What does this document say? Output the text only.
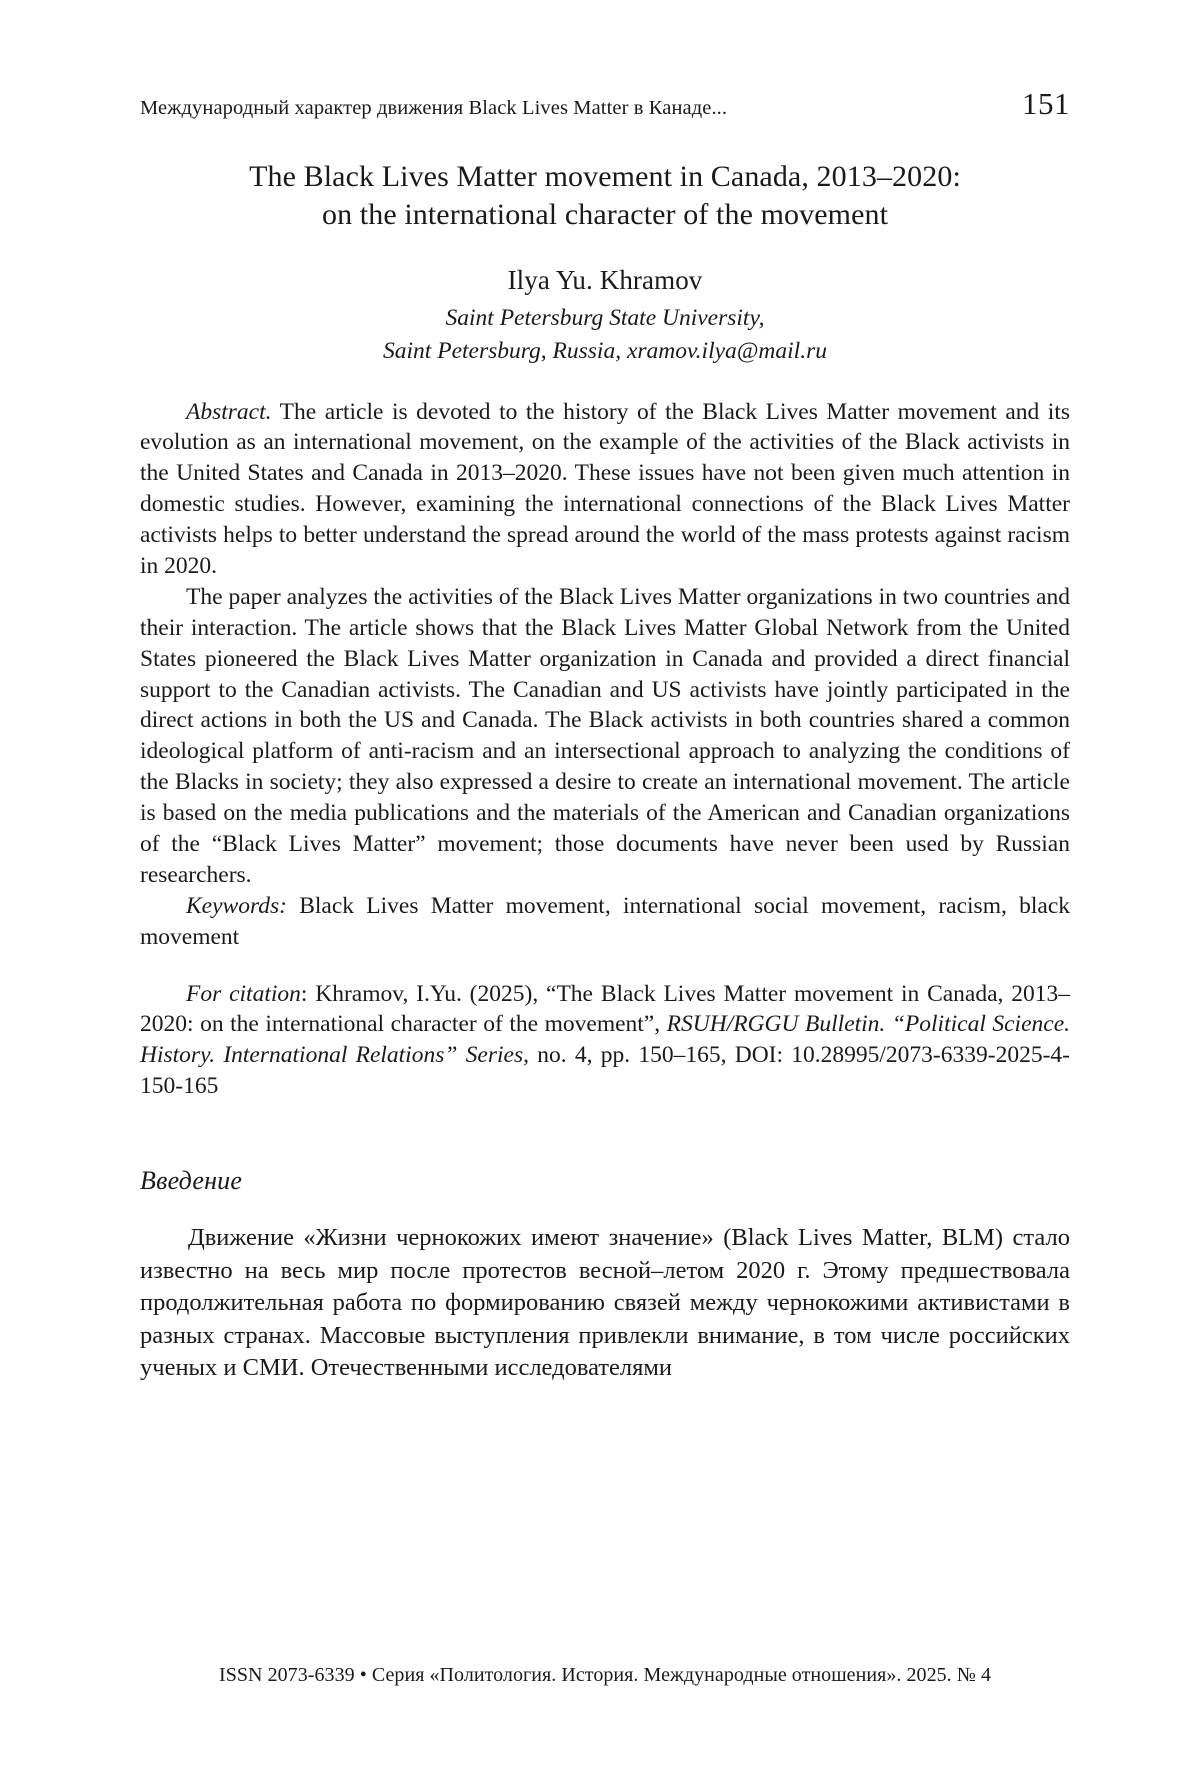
Международный характер движения Black Lives Matter в Канаде...	151
The Black Lives Matter movement in Canada, 2013–2020:
on the international character of the movement
Ilya Yu. Khramov
Saint Petersburg State University,
Saint Petersburg, Russia, xramov.ilya@mail.ru

Abstract. The article is devoted to the history of the Black Lives Matter movement and its evolution as an international movement, on the example of the activities of the Black activists in the United States and Canada in 2013–2020. These issues have not been given much attention in domestic studies. However, examining the international connections of the Black Lives Matter activists helps to better understand the spread around the world of the mass protests against racism in 2020.

The paper analyzes the activities of the Black Lives Matter organizations in two countries and their interaction. The article shows that the Black Lives Matter Global Network from the United States pioneered the Black Lives Matter organization in Canada and provided a direct financial support to the Canadian activists. The Canadian and US activists have jointly participated in the direct actions in both the US and Canada. The Black activists in both countries shared a common ideological platform of anti-racism and an intersectional approach to analyzing the conditions of the Blacks in society; they also expressed a desire to create an international movement. The article is based on the media publications and the materials of the American and Canadian organizations of the “Black Lives Matter” movement; those documents have never been used by Russian researchers.

Keywords: Black Lives Matter movement, international social movement, racism, black movement

For citation: Khramov, I.Yu. (2025), “The Black Lives Matter movement in Canada, 2013–2020: on the international character of the movement”, RSUH/RGGU Bulletin. “Political Science. History. International Relations” Series, no. 4, pp. 150–165, DOI: 10.28995/2073-6339-2025-4-150-165

Введение

Движение «Жизни чернокожих имеют значение» (Black Lives Matter, BLM) стало известно на весь мир после протестов весной–летом 2020 г. Этому предшествовала продолжительная работа по формированию связей между чернокожими активистами в разных странах. Массовые выступления привлекли внимание, в том числе российских ученых и СМИ. Отечественными исследователями

ISSN 2073-6339 • Серия «Политология. История. Международные отношения». 2025. № 4
